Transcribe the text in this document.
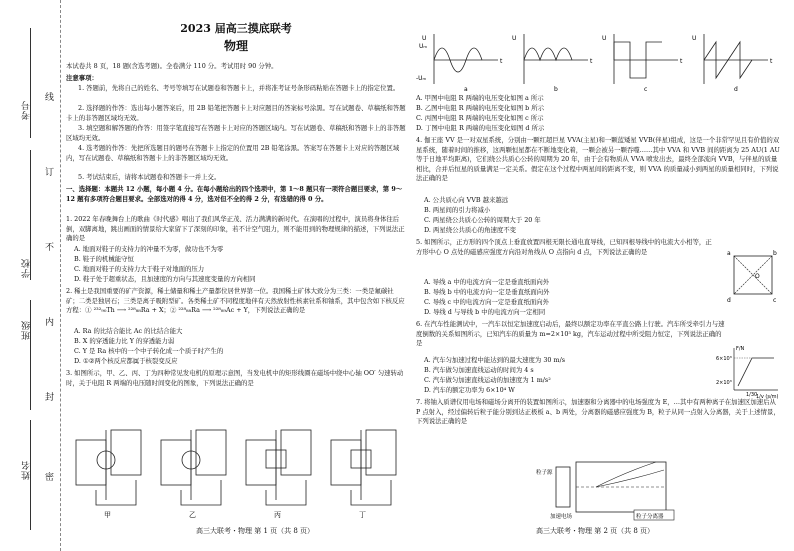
考号
学校
班级
姓名
线
订
不
内
封
密
2023 届高三摸底联考
物理
本试卷共 8 页，18 题(含选考题)。全卷满分 110 分。考试用时 90 分钟。
注意事项：
1. 答题前，先将自己的姓名、考号等填写在试题卷和答题卡上，并将准考证号条形码粘贴在答题卡上的指定位置。
2. 选择题的作答：选出每小题答案后，用 2B 铅笔把答题卡上对应题目的答案标号涂黑。写在试题卷、草稿纸和答题卡上的非答题区域均无效。
3. 填空题和解答题的作答：用签字笔直接写在答题卡上对应的答题区域内。写在试题卷、草稿纸和答题卡上的非答题区域均无效。
4. 选考题的作答：先把所选题目的题号在答题卡上指定的位置用 2B 铅笔涂黑。答案写在答题卡上对应的答题区域内，写在试题卷、草稿纸和答题卡上的非答题区域均无效。
5. 考试结束后，请将本试题卷和答题卡一并上交。
一、选择题：本题共 12 小题，每小题 4 分。在每小题给出的四个选项中，第 1～8 题只有一项符合题目要求，第 9～12 题有多项符合题目要求。全部选对的得 4 分，选对但不全的得 2 分，有选错的得 0 分。
1. 2022 年春晚舞台上的歌曲《时代感》唱出了我们风华正茂、活力满满的新时代。在演唱的过程中，演员将身体往后倒，双脚离地，跳出画面的情景给大家留下了深刻的印象，若不计空气阻力，则不能用到的物理规律的描述，下列说法正确的是
A. 地面对鞋子的支持力的冲量不为零，做功也不为零
B. 鞋子的机械能守恒
C. 地面对鞋子的支持力大于鞋子对地面的压力
D. 鞋子处于超重状态，且加速度的方向与其速度变量的方向相同
2. 稀土是我国重要的矿产资源，稀土储量和稀土产量都位居世界第一位。我国稀土矿体大致分为三类：一类是氟碳钍矿；二类是独居石；三类是离子吸附型矿。各类稀土矿不同程度地伴有天然放射性核素钍系和铀系，其中包含如下核反应方程：① ²³²₉₀Th ⟶ ²²⁸₈₈Ra + X；② ²²⁸₈₈Ra ⟶ ²²⁸₈₉Ac + Y，下列说法正确的是
A. Ra 的比结合能比 Ac 的比结合能大
B. X 的穿透能力比 Y 的穿透能力弱
C. Y 是 Ra 核中的一个中子转化成一个质子时产生的
D. ①②两个核反应都属于核裂变反应
3. 如图所示，甲、乙、丙、丁为四种常见发电机的原理示意图，当发电机中的矩形线圈在磁场中绕中心轴 OO′ 匀速转动时，关于电阻 R 两端的电压随时间变化的图象，下列说法正确的是
甲	乙	丙	丁
高三大联考・物理 第 1 页（共 8 页）
U	U	U	U
t	t	t	t
Uₘ
-Uₘ
a	b	c	d
A. 甲图中电阻 R 两端的电压变化如图 a 所示
B. 乙图中电阻 R 两端的电压变化如图 b 所示
C. 丙图中电阻 R 两端的电压变化如图 c 所示
D. 丁图中电阻 R 两端的电压变化如图 d 所示
4. 伽王座 VV 是一对双星系统，分别由一颗红超巨星 VVA(主星)和一颗蓝矮星 VVB(伴星)组成，这是一个非常罕见且有价值的双星系统，随着时间的推移，这两颗恒星都在不断地变化着，一颗会被另一颗吞噬……其中 VVA 和 VVB 间的距离为 25 AU(1 AU 等于日地平均距离)，它们绕公共质心公转的周期为 20 年，由于会有物质从 VVA 喷发出去，最终全部流向 VVB，与伴星的质量相比，合并后恒星的质量满足一定关系。假定在这个过程中两星间的距离不变，则 VVA 的质量减小到两星的质量相同时，下列说法正确的是
A. 公共质心向 VVB 越来越远
B. 两星间的引力将减小
C. 两星绕公共质心公转的周期大于 20 年
D. 两星绕公共质心的角速度不变
5. 如图所示，正方形的四个顶点上垂直放置四根无限长通电直导线，已知四根导线中的电流大小相等，正方形中心 O 点处的磁感应强度方向沿对角线从 O 点指向 d 点，下列说法正确的是
A. 导线 a 中的电流方向一定是垂直纸面向外
B. 导线 b 中的电流方向一定是垂直纸面向外
C. 导线 c 中的电流方向一定是垂直纸面向外
D. 导线 d 与导线 b 中的电流方向一定相同
a	b
c
d
O
6. 在汽车性能测试中，一汽车以恒定加速度启动后，最终以额定功率在平直公路上行驶。汽车所受牵引力与速度倒数的关系如图所示，已知汽车的质量为 m=2×10³ kg，汽车运动过程中所受阻力恒定，下列说法正确的是
A. 汽车匀加速过程中能达到的最大速度为 30 m/s
B. 汽车做匀加速直线运动的时间为 4 s
C. 汽车做匀加速直线运动的加速度为 1 m/s²
D. 汽车的额定功率为 6×10⁴ W
F/N
1/v (s/m)
6×10³
2×10³
1/30
7. 将铀入质谱仪用电场和磁场分离开的装置如图所示，加速器和分离器中的电场强度为 E，…其中有两种离子在加速区加速后从 P 点射入，经过偏转后粒子能分别到达正极板 a、b 两处，分离器的磁感应强度为 B，粒子从同一点射入分离器，关于上述情景，下列说法正确的是
粒子源
加速电场	粒子分离器
高三大联考・物理 第 2 页（共 8 页）
